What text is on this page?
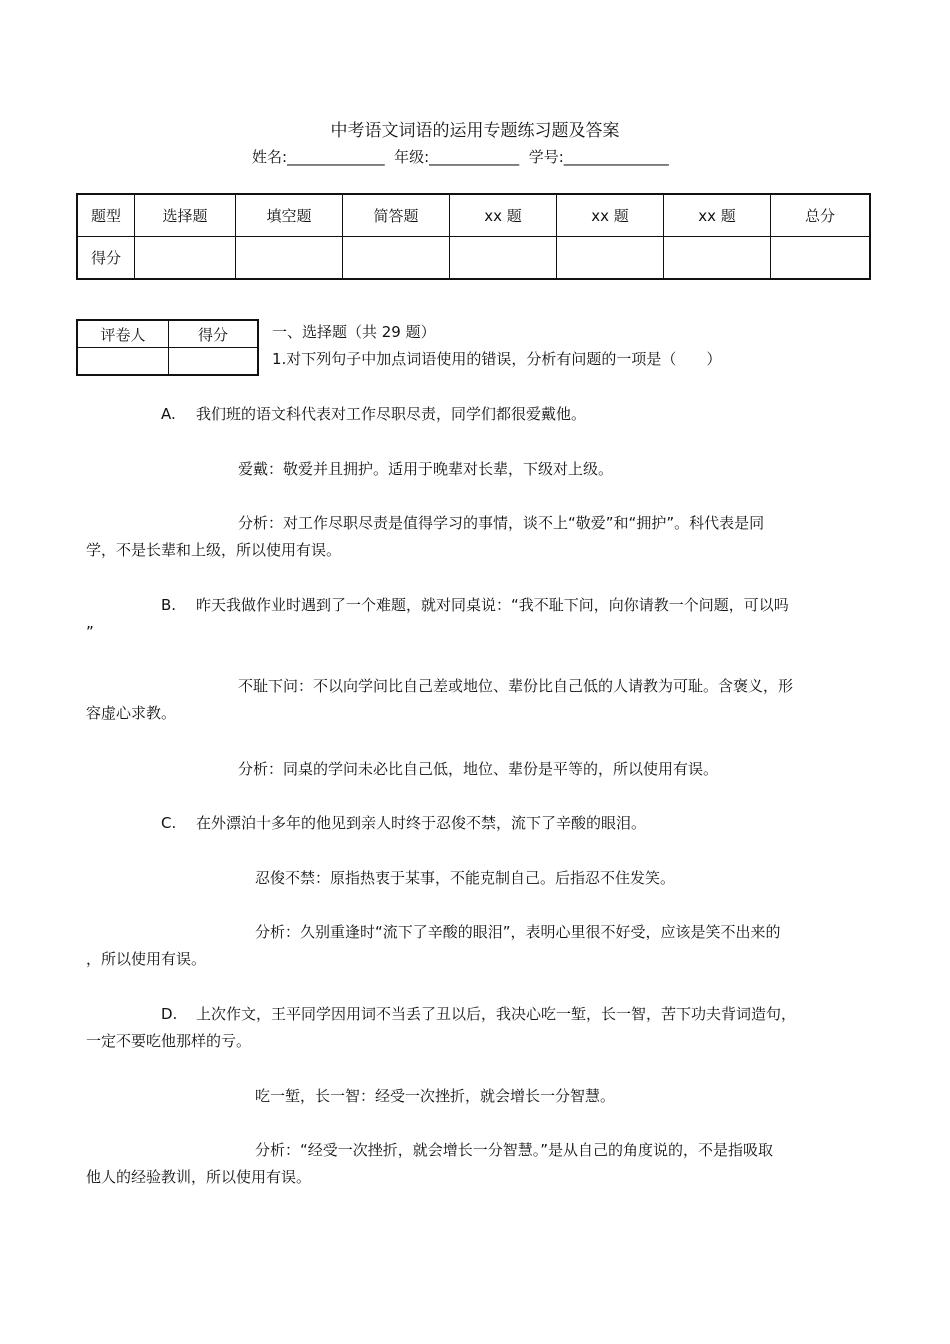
中考语文词语的运用专题练习题及答案
姓名:_____________ 年级:____________ 学号:______________
题型	选择题	填空题	简答题	xx 题	xx 题	xx 题	总分
得分							
评卷人	得分
		一、选择题（共 29 题）
1.对下列句子中加点词语使用的错误，分析有问题的一项是（　　）
A. 我们班的语文科代表对工作尽职尽责，同学们都很爱戴他。
爱戴：敬爱并且拥护。适用于晚辈对长辈，下级对上级。
分析：对工作尽职尽责是值得学习的事情，谈不上“敬爱”和“拥护”。科代表是同
学，不是长辈和上级，所以使用有误。
B. 昨天我做作业时遇到了一个难题，就对同桌说：“我不耻下问，向你请教一个问题，可以吗
”
不耻下问：不以向学问比自己差或地位、辈份比自己低的人请教为可耻。含褒义，形
容虚心求教。
分析：同桌的学问未必比自己低，地位、辈份是平等的，所以使用有误。
C. 在外漂泊十多年的他见到亲人时终于忍俊不禁，流下了辛酸的眼泪。
忍俊不禁：原指热衷于某事，不能克制自己。后指忍不住发笑。
分析：久别重逢时“流下了辛酸的眼泪”，表明心里很不好受，应该是笑不出来的
，所以使用有误。
D. 上次作文，王平同学因用词不当丢了丑以后，我决心吃一堑，长一智，苦下功夫背词造句，
一定不要吃他那样的亏。
吃一堑，长一智：经受一次挫折，就会增长一分智慧。
分析：“经受一次挫折，就会增长一分智慧。”是从自己的角度说的，不是指吸取
他人的经验教训，所以使用有误。
